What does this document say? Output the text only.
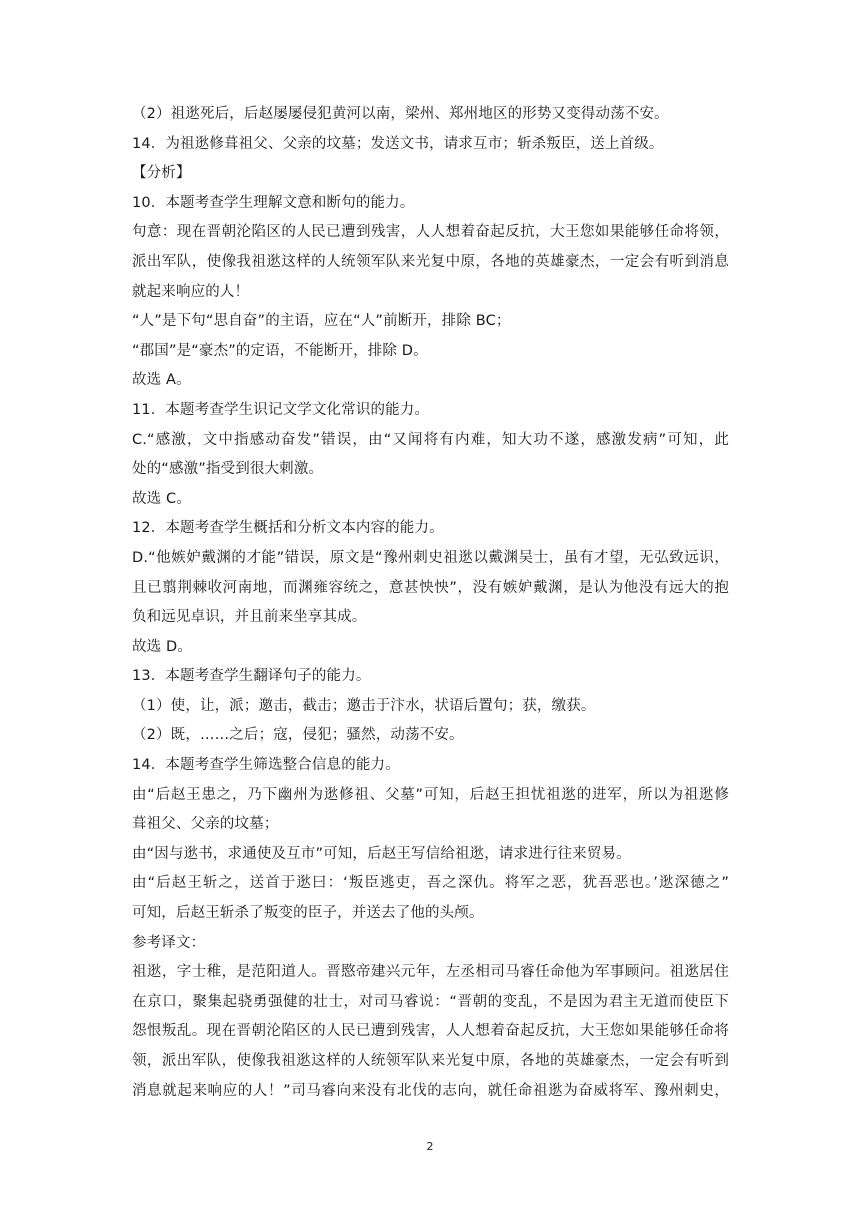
（2）祖逖死后，后赵屡屡侵犯黄河以南，梁州、郑州地区的形势又变得动荡不安。
14．为祖逖修葺祖父、父亲的坟墓；发送文书，请求互市；斩杀叛臣，送上首级。
【分析】
10．本题考查学生理解文意和断句的能力。
句意：现在晋朝沦陷区的人民已遭到残害，人人想着奋起反抗，大王您如果能够任命将领，
派出军队，使像我祖逖这样的人统领军队来光复中原，各地的英雄豪杰，一定会有听到消息
就起来响应的人！
“人”是下句“思自奋”的主语，应在“人”前断开，排除 BC；
“郡国”是“豪杰”的定语，不能断开，排除 D。
故选 A。
11．本题考查学生识记文学文化常识的能力。
C.“感激，文中指感动奋发”错误，由“又闻将有内难，知大功不遂，感激发病”可知，此
处的“感激”指受到很大刺激。
故选 C。
12．本题考查学生概括和分析文本内容的能力。
D.“他嫉妒戴渊的才能”错误，原文是“豫州刺史祖逖以戴渊吴士，虽有才望，无弘致远识，
且已翦荆棘收河南地，而渊雍容统之，意甚怏怏”，没有嫉妒戴渊，是认为他没有远大的抱
负和远见卓识，并且前来坐享其成。
故选 D。
13．本题考查学生翻译句子的能力。
（1）使，让，派；邀击，截击；邀击于汴水，状语后置句；获，缴获。
（2）既，……之后；寇，侵犯；骚然，动荡不安。
14．本题考查学生筛选整合信息的能力。
由“后赵王患之，乃下幽州为逖修祖、父墓”可知，后赵王担忧祖逖的进军，所以为祖逖修
葺祖父、父亲的坟墓；
由“因与逖书，求通使及互市”可知，后赵王写信给祖逖，请求进行往来贸易。
由“后赵王斩之，送首于逖曰：‘叛臣逃吏，吾之深仇。将军之恶，犹吾恶也。’逖深德之”
可知，后赵王斩杀了叛变的臣子，并送去了他的头颅。
参考译文：
祖逖，字士稚，是范阳道人。晋愍帝建兴元年，左丞相司马睿任命他为军事顾问。祖逖居住
在京口，聚集起骁勇强健的壮士，对司马睿说：“晋朝的变乱，不是因为君主无道而使臣下
怨恨叛乱。现在晋朝沦陷区的人民已遭到残害，人人想着奋起反抗，大王您如果能够任命将
领，派出军队，使像我祖逖这样的人统领军队来光复中原，各地的英雄豪杰，一定会有听到
消息就起来响应的人！”司马睿向来没有北伐的志向，就任命祖逖为奋威将军、豫州刺史，
2
